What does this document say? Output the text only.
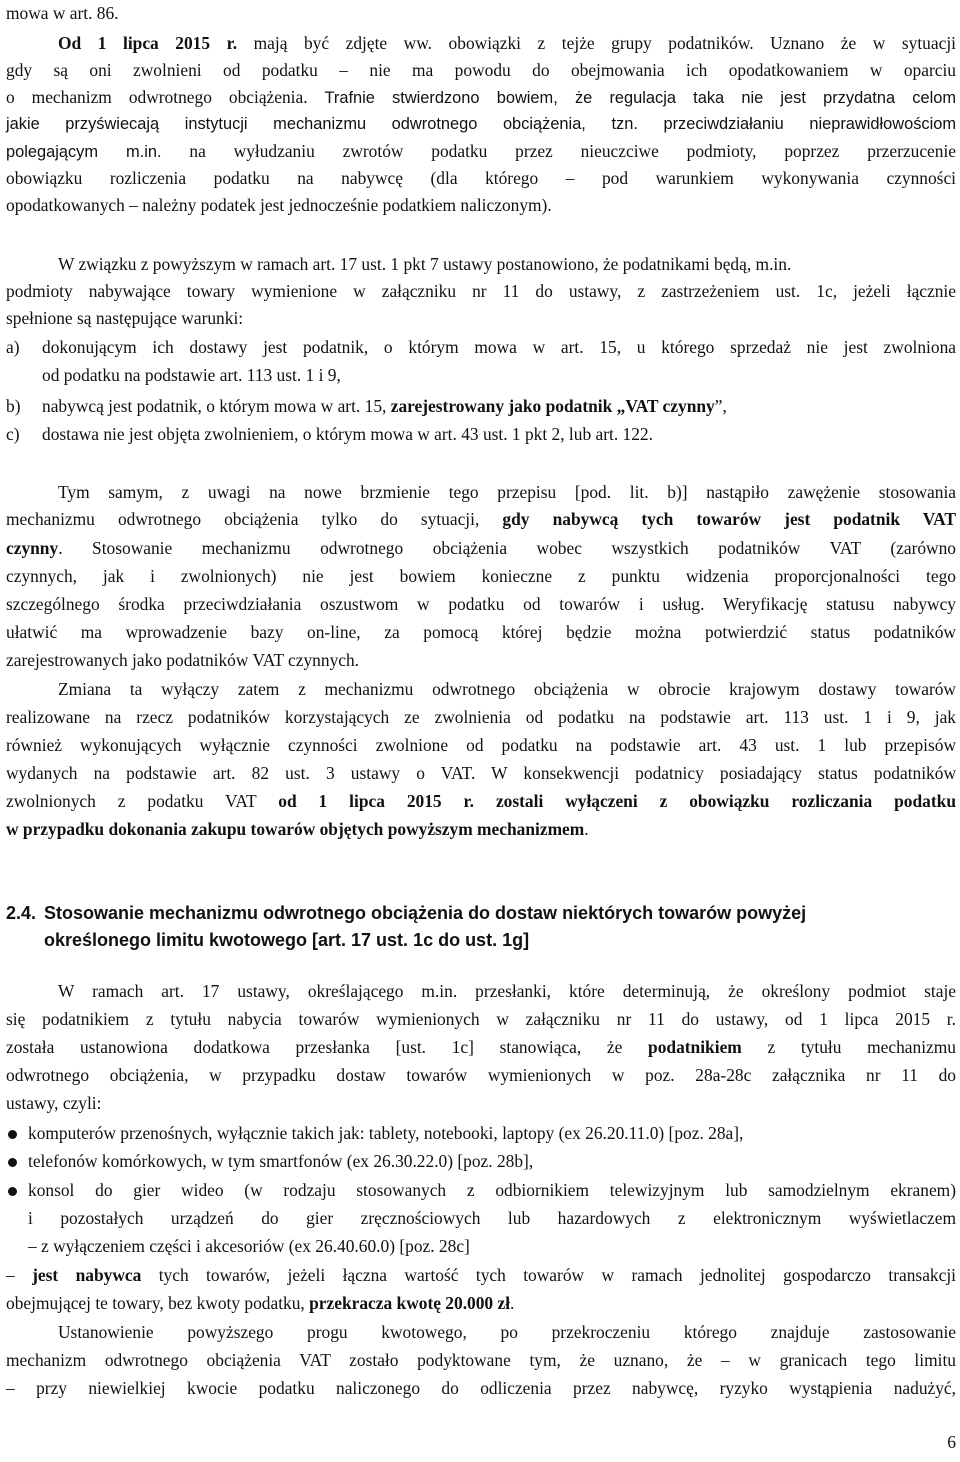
mowa w art. 86.
Od 1 lipca 2015 r. mają być zdjęte ww. obowiązki z tejże grupy podatników. Uznano że w sytuacji
gdy są oni zwolnieni od podatku – nie ma powodu do obejmowania ich opodatkowaniem w oparciu
o mechanizm odwrotnego obciążenia. Trafnie stwierdzono bowiem, że regulacja taka nie jest przydatna celom
jakie przyświecają instytucji mechanizmu odwrotnego obciążenia, tzn. przeciwdziałaniu nieprawidłowościom
polegającym m.in. na wyłudzaniu zwrotów podatku przez nieuczciwe podmioty, poprzez przerzucenie
obowiązku rozliczenia podatku na nabywcę (dla którego – pod warunkiem wykonywania czynności
opodatkowanych – należny podatek jest jednocześnie podatkiem naliczonym).
W związku z powyższym w ramach art. 17 ust. 1 pkt 7 ustawy postanowiono, że podatnikami będą, m.in.
podmioty nabywające towary wymienione w załączniku nr 11 do ustawy, z zastrzeżeniem ust. 1c, jeżeli łącznie
spełnione są następujące warunki:
a) dokonującym ich dostawy jest podatnik, o którym mowa w art. 15, u którego sprzedaż nie jest zwolniona
od podatku na podstawie art. 113 ust. 1 i 9,
b) nabywcą jest podatnik, o którym mowa w art. 15, zarejestrowany jako podatnik „VAT czynny”,
c) dostawa nie jest objęta zwolnieniem, o którym mowa w art. 43 ust. 1 pkt 2, lub art. 122.
Tym samym, z uwagi na nowe brzmienie tego przepisu [pod. lit. b)] nastąpiło zawężenie stosowania
mechanizmu odwrotnego obciążenia tylko do sytuacji, gdy nabywcą tych towarów jest podatnik VAT
czynny. Stosowanie mechanizmu odwrotnego obciążenia wobec wszystkich podatników VAT (zarówno
czynnych, jak i zwolnionych) nie jest bowiem konieczne z punktu widzenia proporcjonalności tego
szczególnego środka przeciwdziałania oszustwom w podatku od towarów i usług. Weryfikację statusu nabywcy
ułatwić ma wprowadzenie bazy on-line, za pomocą której będzie można potwierdzić status podatników
zarejestrowanych jako podatników VAT czynnych.
Zmiana ta wyłączy zatem z mechanizmu odwrotnego obciążenia w obrocie krajowym dostawy towarów
realizowane na rzecz podatników korzystających ze zwolnienia od podatku na podstawie art. 113 ust. 1 i 9, jak
również wykonujących wyłącznie czynności zwolnione od podatku na podstawie art. 43 ust. 1 lub przepisów
wydanych na podstawie art. 82 ust. 3 ustawy o VAT. W konsekwencji podatnicy posiadający status podatników
zwolnionych z podatku VAT od 1 lipca 2015 r. zostali wyłączeni z obowiązku rozliczania podatku
w przypadku dokonania zakupu towarów objętych powyższym mechanizmem.
2.4. Stosowanie mechanizmu odwrotnego obciążenia do dostaw niektórych towarów powyżej
określonego limitu kwotowego [art. 17 ust. 1c do ust. 1g]
W ramach art. 17 ustawy, określającego m.in. przesłanki, które determinują, że określony podmiot staje
się podatnikiem z tytułu nabycia towarów wymienionych w załączniku nr 11 do ustawy, od 1 lipca 2015 r.
została ustanowiona dodatkowa przesłanka [ust. 1c] stanowiąca, że podatnikiem z tytułu mechanizmu
odwrotnego obciążenia, w przypadku dostaw towarów wymienionych w poz. 28a-28c załącznika nr 11 do
ustawy, czyli:
komputerów przenośnych, wyłącznie takich jak: tablety, notebooki, laptopy (ex 26.20.11.0) [poz. 28a],
telefonów komórkowych, w tym smartfonów (ex 26.30.22.0) [poz. 28b],
konsol do gier wideo (w rodzaju stosowanych z odbiornikiem telewizyjnym lub samodzielnym ekranem)
i pozostałych urządzeń do gier zręcznościowych lub hazardowych z elektronicznym wyświetlaczem
– z wyłączeniem części i akcesoriów (ex 26.40.60.0) [poz. 28c]
– jest nabywca tych towarów, jeżeli łączna wartość tych towarów w ramach jednolitej gospodarczo transakcji
obejmującej te towary, bez kwoty podatku, przekracza kwotę 20.000 zł.
Ustanowienie powyższego progu kwotowego, po przekroczeniu którego znajduje zastosowanie
mechanizm odwrotnego obciążenia VAT zostało podyktowane tym, że uznano, że – w granicach tego limitu
– przy niewielkiej kwocie podatku naliczonego do odliczenia przez nabywcę, ryzyko wystąpienia nadużyć,
6
